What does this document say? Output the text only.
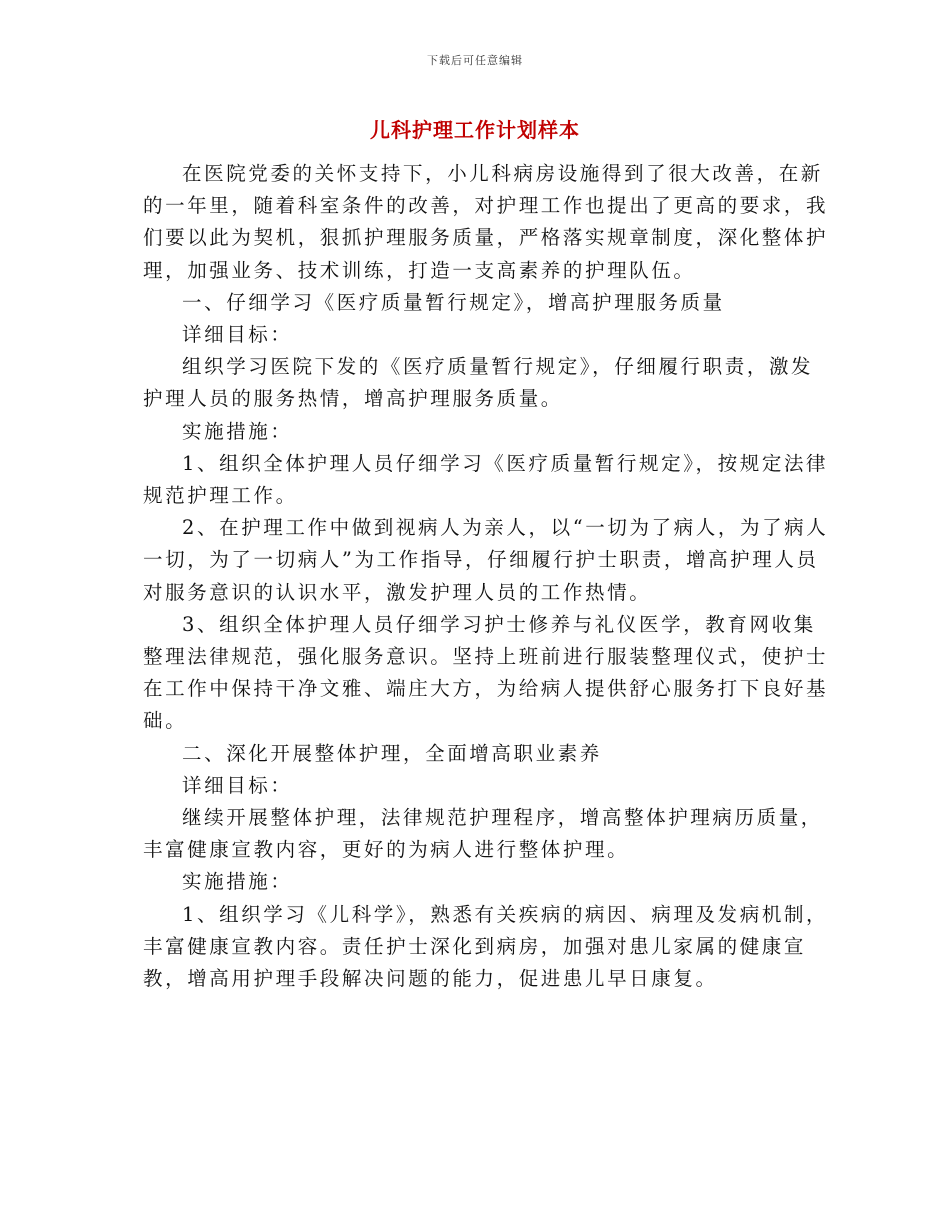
下载后可任意编辑
儿科护理工作计划样本

在医院党委的关怀支持下，小儿科病房设施得到了很大改善，在新的一年里，随着科室条件的改善，对护理工作也提出了更高的要求，我们要以此为契机，狠抓护理服务质量，严格落实规章制度，深化整体护理，加强业务、技术训练，打造一支高素养的护理队伍。

一、仔细学习《医疗质量暂行规定》，增高护理服务质量

详细目标：

组织学习医院下发的《医疗质量暂行规定》，仔细履行职责，激发护理人员的服务热情，增高护理服务质量。

实施措施：

1、组织全体护理人员仔细学习《医疗质量暂行规定》，按规定法律规范护理工作。

2、在护理工作中做到视病人为亲人，以“一切为了病人，为了病人一切，为了一切病人”为工作指导，仔细履行护士职责，增高护理人员对服务意识的认识水平，激发护理人员的工作热情。

3、组织全体护理人员仔细学习护士修养与礼仪医学，教育网收集整理法律规范，强化服务意识。坚持上班前进行服装整理仪式，使护士在工作中保持干净文雅、端庄大方，为给病人提供舒心服务打下良好基础。

二、深化开展整体护理，全面增高职业素养

详细目标：

继续开展整体护理，法律规范护理程序，增高整体护理病历质量，丰富健康宣教内容，更好的为病人进行整体护理。

实施措施：

1、组织学习《儿科学》，熟悉有关疾病的病因、病理及发病机制，丰富健康宣教内容。责任护士深化到病房，加强对患儿家属的健康宣教，增高用护理手段解决问题的能力，促进患儿早日康复。
